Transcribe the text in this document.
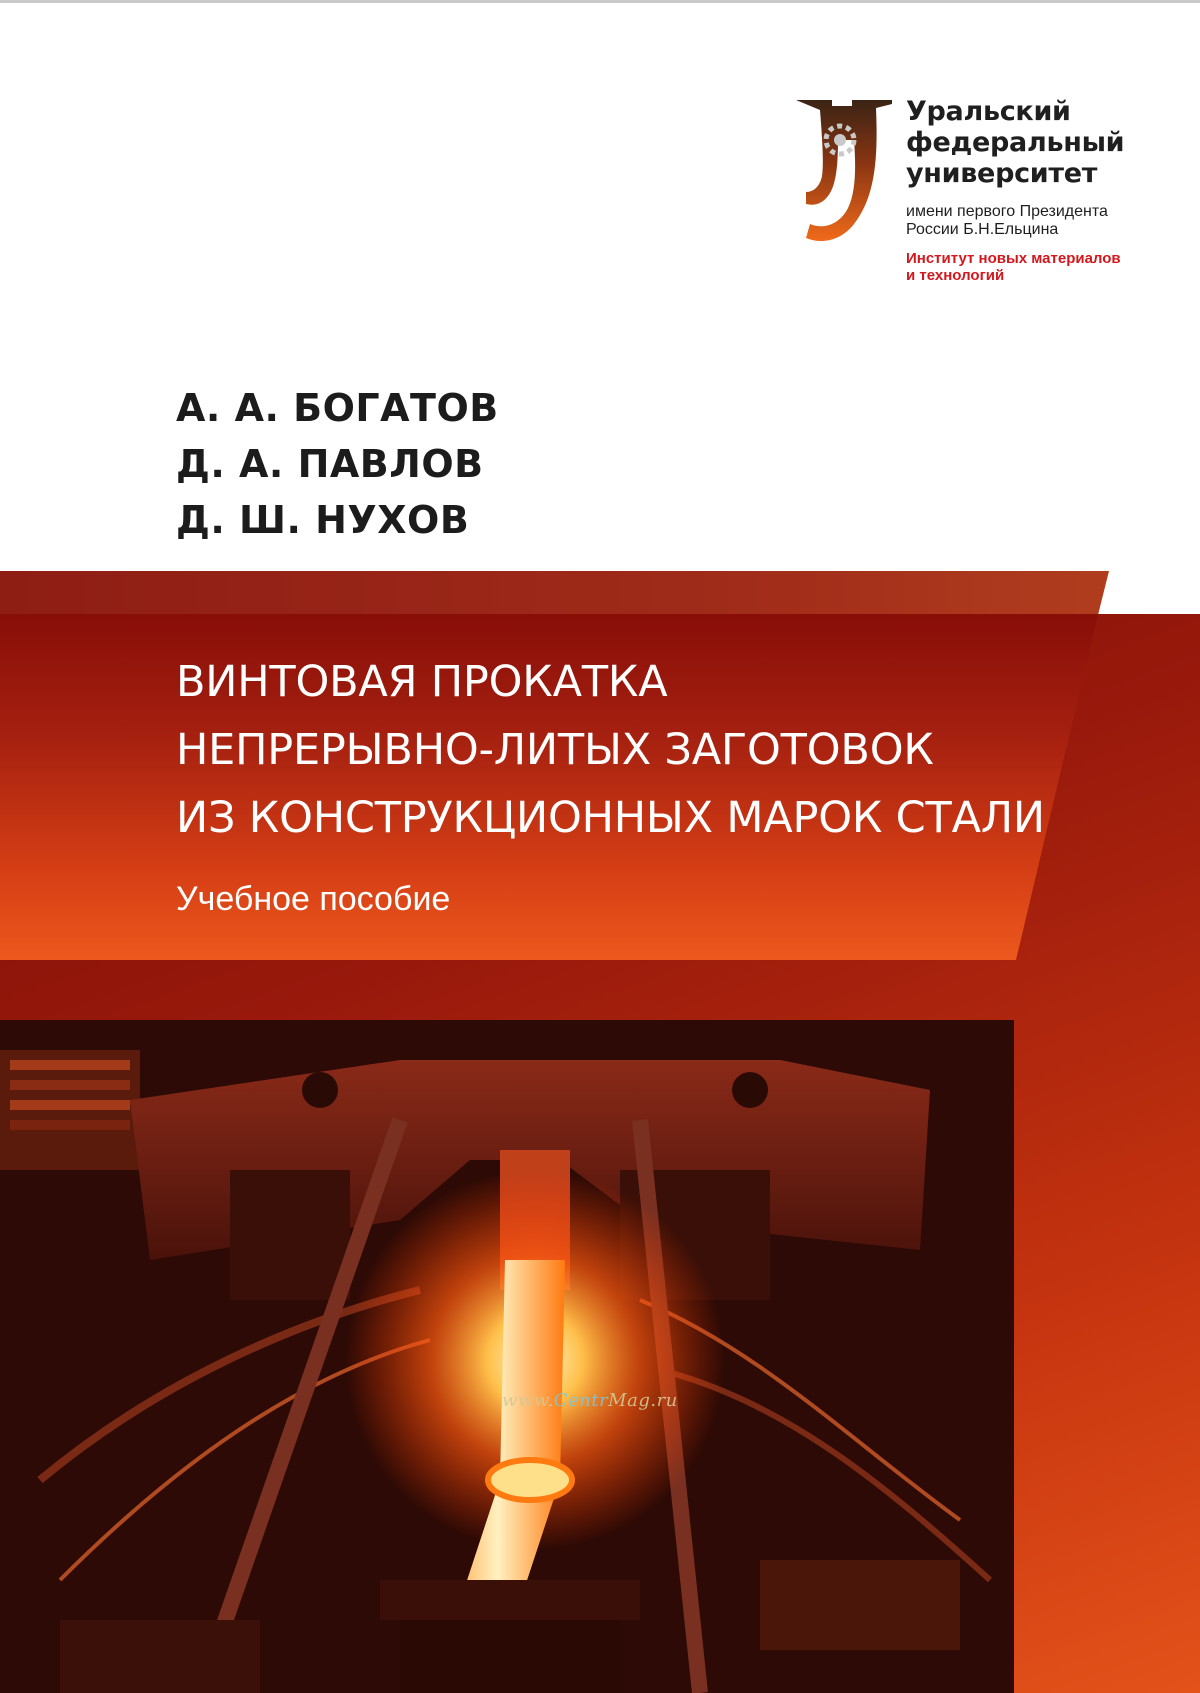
Уральский
федеральный
университет

имени первого Президента
России Б.Н.Ельцина

Институт новых материалов
и технологий

А. А. БОГАТОВ
Д. А. ПАВЛОВ
Д. Ш. НУХОВ
ВИНТОВАЯ ПРОКАТКА
НЕПРЕРЫВНО-ЛИТЫХ ЗАГОТОВОК
ИЗ КОНСТРУКЦИОННЫХ МАРОК СТАЛИ

Учебное пособие

www.CentrMag.ru
